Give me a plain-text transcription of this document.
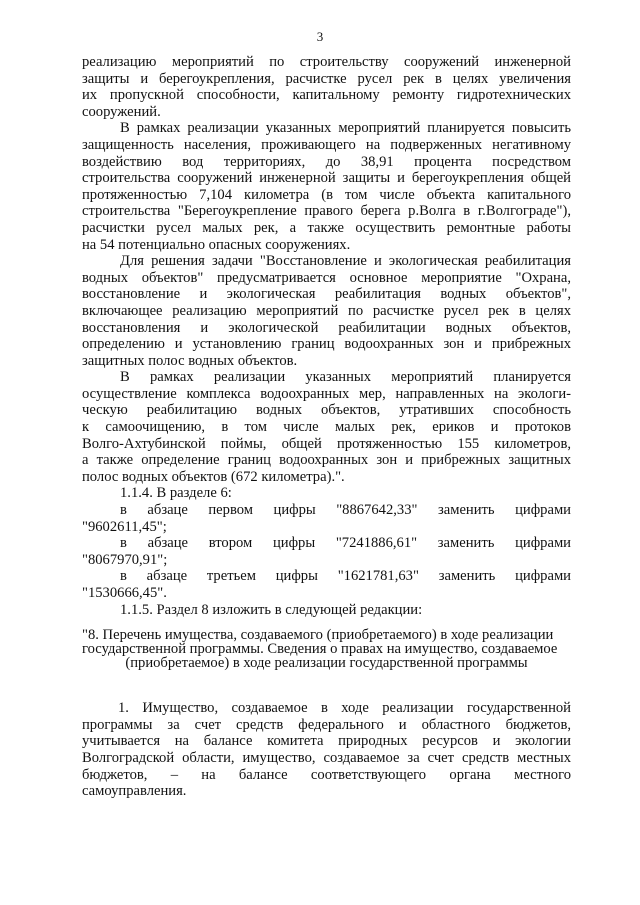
3
реализацию мероприятий по строительству сооружений инженерной
защиты и берегоукрепления, расчистке русел рек в целях увеличения
их пропускной способности, капитальному ремонту гидротехнических
сооружений.
В рамках реализации указанных мероприятий планируется повысить
защищенность населения, проживающего на подверженных негативному
воздействию вод территориях, до 38,91 процента посредством
строительства сооружений инженерной защиты и берегоукрепления общей
протяженностью 7,104 километра (в том числе объекта капитального
строительства "Берегоукрепление правого берега р.Волга в г.Волгограде"),
расчистки русел малых рек, а также осуществить ремонтные работы
на 54 потенциально опасных сооружениях.
Для решения задачи "Восстановление и экологическая реабилитация
водных объектов" предусматривается основное мероприятие "Охрана,
восстановление и экологическая реабилитация водных объектов",
включающее реализацию мероприятий по расчистке русел рек в целях
восстановления и экологической реабилитации водных объектов,
определению и установлению границ водоохранных зон и прибрежных
защитных полос водных объектов.
В рамках реализации указанных мероприятий планируется
осуществление комплекса водоохранных мер, направленных на экологи-
ческую реабилитацию водных объектов, утративших способность
к самоочищению, в том числе малых рек, ериков и протоков
Волго-Ахтубинской поймы, общей протяженностью 155 километров,
а также определение границ водоохранных зон и прибрежных защитных
полос водных объектов (672 километра).".
1.1.4. В разделе 6:
в абзаце первом цифры "8867642,33" заменить цифрами
"9602611,45";
в абзаце втором цифры "7241886,61" заменить цифрами
"8067970,91";
в абзаце третьем цифры "1621781,63" заменить цифрами
"1530666,45".
1.1.5. Раздел 8 изложить в следующей редакции:
"8. Перечень имущества, создаваемого (приобретаемого) в ходе реализации
государственной программы. Сведения о правах на имущество, создаваемое
(приобретаемое) в ходе реализации государственной программы
1. Имущество, создаваемое в ходе реализации государственной
программы за счет средств федерального и областного бюджетов,
учитывается на балансе комитета природных ресурсов и экологии
Волгоградской области, имущество, создаваемое за счет средств местных
бюджетов, – на балансе соответствующего органа местного
самоуправления.
